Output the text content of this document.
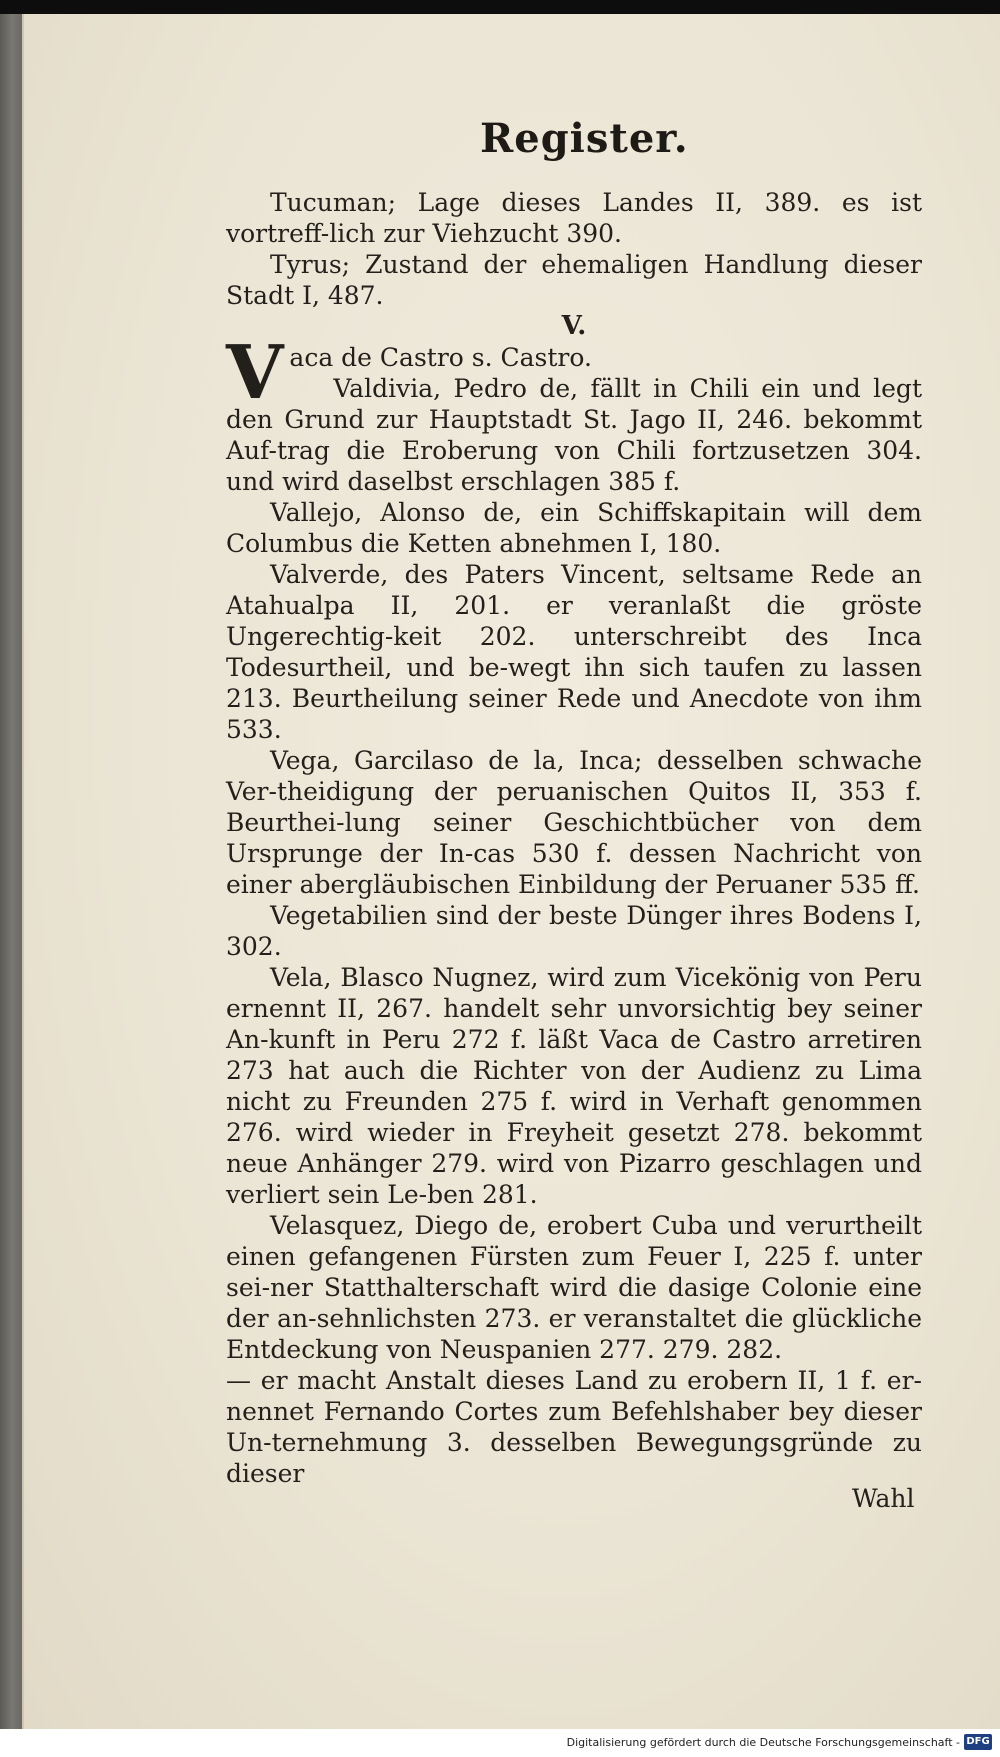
Register.

Tucuman; Lage dieses Landes II, 389. es ist vortreff-lich zur Viehzucht 390.

Tyrus; Zustand der ehemaligen Handlung dieser Stadt I, 487.

V.

Vaca de Castro s. Castro.

Valdivia, Pedro de, fällt in Chili ein und legt den Grund zur Hauptstadt St. Jago II, 246. bekommt Auf-trag die Eroberung von Chili fortzusetzen 304. und wird daselbst erschlagen 385 f.

Vallejo, Alonso de, ein Schiffskapitain will dem Columbus die Ketten abnehmen I, 180.

Valverde, des Paters Vincent, seltsame Rede an Atahualpa II, 201. er veranlaßt die gröste Ungerechtig-keit 202. unterschreibt des Inca Todesurtheil, und be-wegt ihn sich taufen zu lassen 213. Beurtheilung seiner Rede und Anecdote von ihm 533.

Vega, Garcilaso de la, Inca; desselben schwache Ver-theidigung der peruanischen Quitos II, 353 f. Beurthei-lung seiner Geschichtbücher von dem Ursprunge der In-cas 530 f. dessen Nachricht von einer abergläubischen Einbildung der Peruaner 535 ff.

Vegetabilien sind der beste Dünger ihres Bodens I, 302.

Vela, Blasco Nugnez, wird zum Vicekönig von Peru ernennt II, 267. handelt sehr unvorsichtig bey seiner An-kunft in Peru 272 f. läßt Vaca de Castro arretiren 273 hat auch die Richter von der Audienz zu Lima nicht zu Freunden 275 f. wird in Verhaft genommen 276. wird wieder in Freyheit gesetzt 278. bekommt neue Anhänger 279. wird von Pizarro geschlagen und verliert sein Le-ben 281.

Velasquez, Diego de, erobert Cuba und verurtheilt einen gefangenen Fürsten zum Feuer I, 225 f. unter sei-ner Statthalterschaft wird die dasige Colonie eine der an-sehnlichsten 273. er veranstaltet die glückliche Entdeckung von Neuspanien 277. 279. 282.

— er macht Anstalt dieses Land zu erobern II, 1 f. er-nennet Fernando Cortes zum Befehlshaber bey dieser Un-ternehmung 3. desselben Bewegungsgründe zu dieser

Wahl
Digitalisierung gefördert durch die Deutsche Forschungsgemeinschaft - DFG
